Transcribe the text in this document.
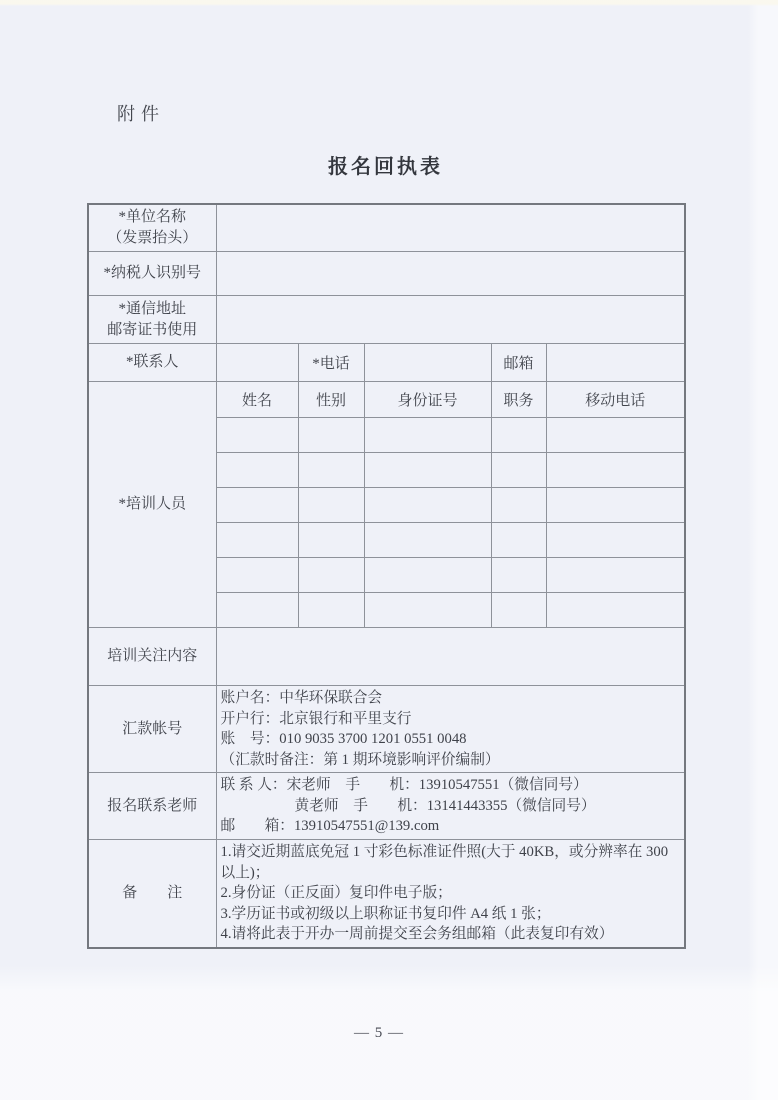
附件
报名回执表
*单位名称
（发票抬头）					

*纳税人识别号					

*通信地址
邮寄证书使用					

*联系人		*电话		邮箱	
*培训人员	姓名	性别	身份证号	职务	移动电话

培训关注内容					
汇款帐号	账户名：中华环保联合会
开户行：北京银行和平里支行
账　号：010 9035 3700 1201 0551 0048
（汇款时备注：第 1 期环境影响评价编制）				

报名联系老师	联 系 人：宋老师　手　　机：13910547551（微信同号）
黄老师　手　　机：13141443355（微信同号）
邮　　箱：13910547551@139.com				

备　　注	1.请交近期蓝底免冠 1 寸彩色标准证件照(大于 40KB，或分辨率在 300 以上)；
2.身份证（正反面）复印件电子版；
3.学历证书或初级以上职称证书复印件 A4 纸 1 张；
4.请将此表于开办一周前提交至会务组邮箱（此表复印有效）				
— 5 —
